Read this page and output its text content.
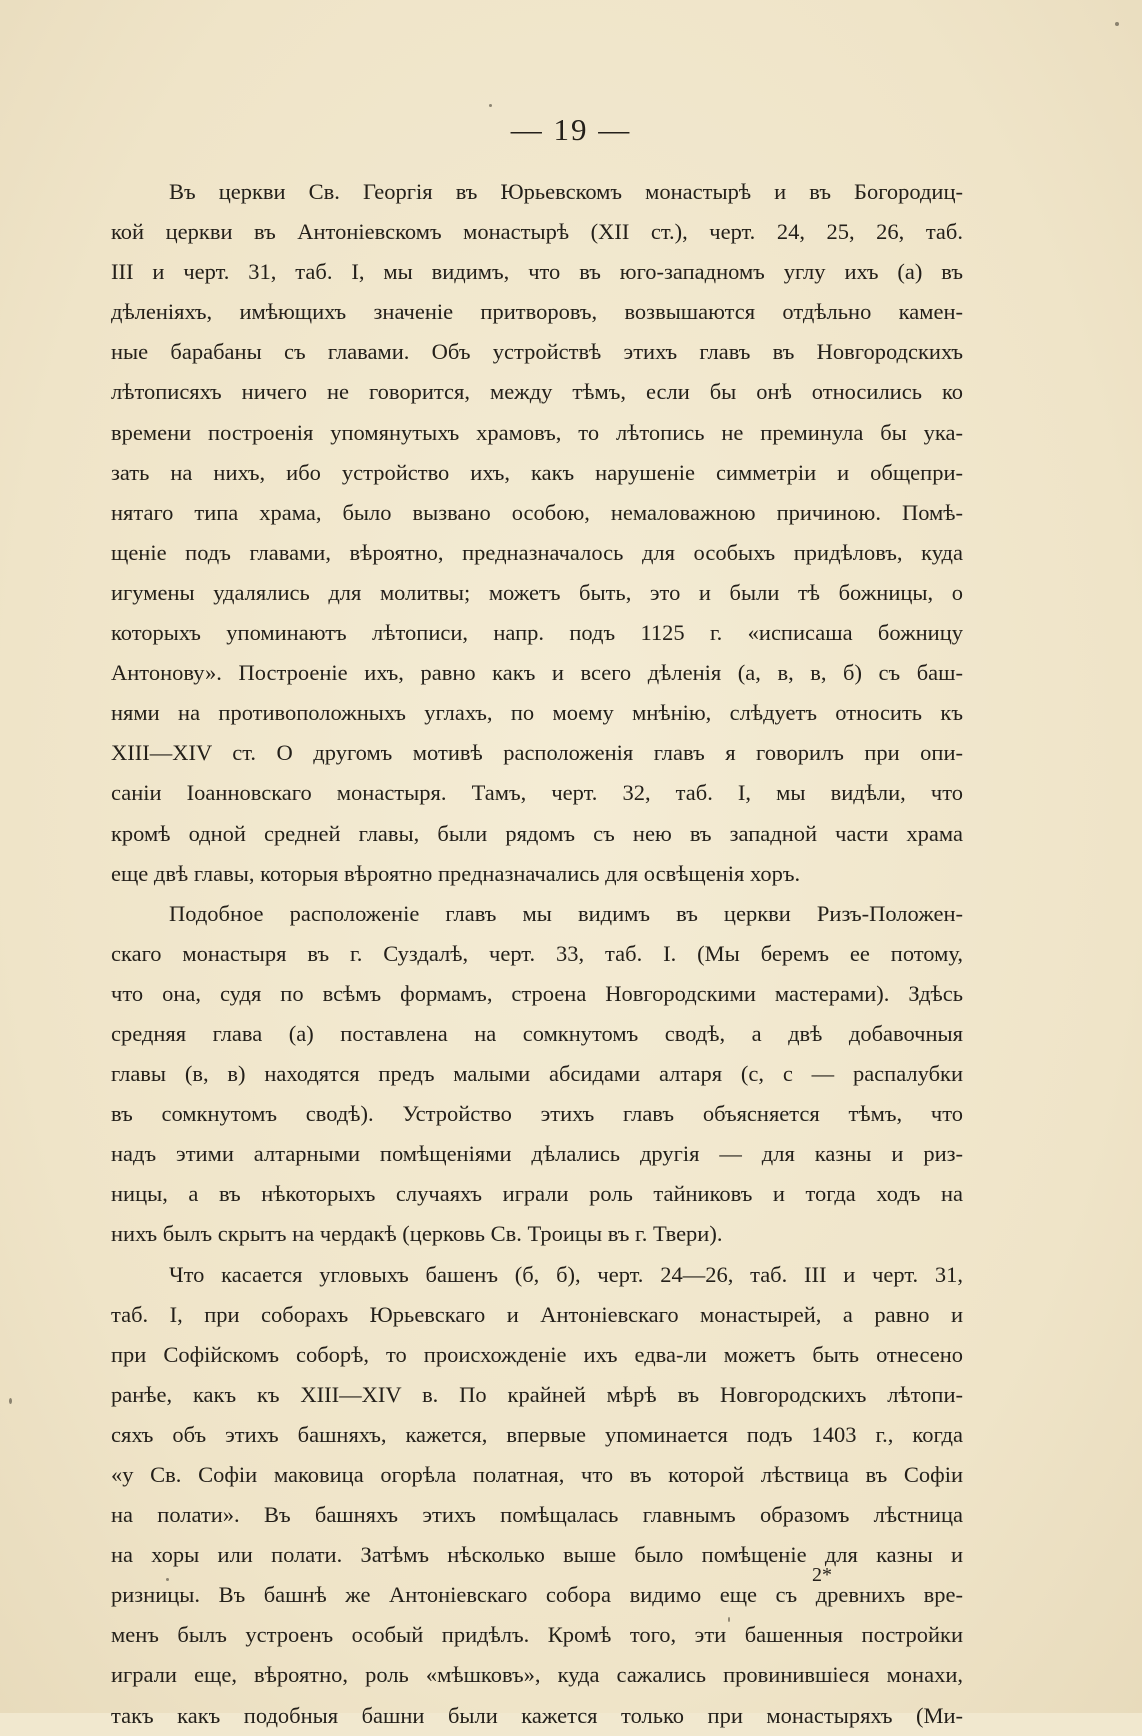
— 19 —
Въ церкви Св. Георгія въ Юрьевскомъ монастырѣ и въ Богородиц-
кой церкви въ Антоніевскомъ монастырѣ (XII ст.), черт. 24, 25, 26, таб.
III и черт. 31, таб. I, мы видимъ, что въ юго-западномъ углу ихъ (а) въ
дѣленіяхъ, имѣющихъ значеніе притворовъ, возвышаются отдѣльно камен-
ные барабаны съ главами. Объ устройствѣ этихъ главъ въ Новгородскихъ
лѣтописяхъ ничего не говорится, между тѣмъ, если бы онѣ относились ко
времени построенія упомянутыхъ храмовъ, то лѣтопись не преминула бы ука-
зать на нихъ, ибо устройство ихъ, какъ нарушеніе симметріи и общепри-
нятаго типа храма, было вызвано особою, немаловажною причиною. Помѣ-
щеніе подъ главами, вѣроятно, предназначалось для особыхъ придѣловъ, куда
игумены удалялись для молитвы; можетъ быть, это и были тѣ божницы, о
которыхъ упоминаютъ лѣтописи, напр. подъ 1125 г. «исписаша божницу
Антонову». Построеніе ихъ, равно какъ и всего дѣленія (а, в, в, б) съ баш-
нями на противоположныхъ углахъ, по моему мнѣнію, слѣдуетъ относить къ
XIII—XIV ст. О другомъ мотивѣ расположенія главъ я говорилъ при опи-
саніи Іоанновскаго монастыря. Тамъ, черт. 32, таб. I, мы видѣли, что
кромѣ одной средней главы, были рядомъ съ нею въ западной части храма
еще двѣ главы, которыя вѣроятно предназначались для освѣщенія хоръ.
Подобное расположеніе главъ мы видимъ въ церкви Ризъ-Положен-
скаго монастыря въ г. Суздалѣ, черт. 33, таб. I. (Мы беремъ ее потому,
что она, судя по всѣмъ формамъ, строена Новгородскими мастерами). Здѣсь
средняя глава (а) поставлена на сомкнутомъ сводѣ, а двѣ добавочныя
главы (в, в) находятся предъ малыми абсидами алтаря (с, с — распалубки
въ сомкнутомъ сводѣ). Устройство этихъ главъ объясняется тѣмъ, что
надъ этими алтарными помѣщеніями дѣлались другія — для казны и риз-
ницы, а въ нѣкоторыхъ случаяхъ играли роль тайниковъ и тогда ходъ на
нихъ былъ скрытъ на чердакѣ (церковь Св. Троицы въ г. Твери).
Что касается угловыхъ башенъ (б, б), черт. 24—26, таб. III и черт. 31,
таб. I, при соборахъ Юрьевскаго и Антоніевскаго монастырей, а равно и
при Софійскомъ соборѣ, то происхожденіе ихъ едва-ли можетъ быть отнесено
ранѣе, какъ къ XIII—XIV в. По крайней мѣрѣ въ Новгородскихъ лѣтопи-
сяхъ объ этихъ башняхъ, кажется, впервые упоминается подъ 1403 г., когда
«у Св. Софіи маковица огорѣла полатная, что въ которой лѣствица въ Софіи
на полати». Въ башняхъ этихъ помѣщалась главнымъ образомъ лѣстница
на хоры или полати. Затѣмъ нѣсколько выше было помѣщеніе для казны и
ризницы. Въ башнѣ же Антоніевскаго собора видимо еще съ древнихъ вре-
менъ былъ устроенъ особый придѣлъ. Кромѣ того, эти башенныя постройки
играли еще, вѣроятно, роль «мѣшковъ», куда сажались провинившіеся монахи,
такъ какъ подобныя башни были кажется только при монастыряхъ (Ми-
2*
